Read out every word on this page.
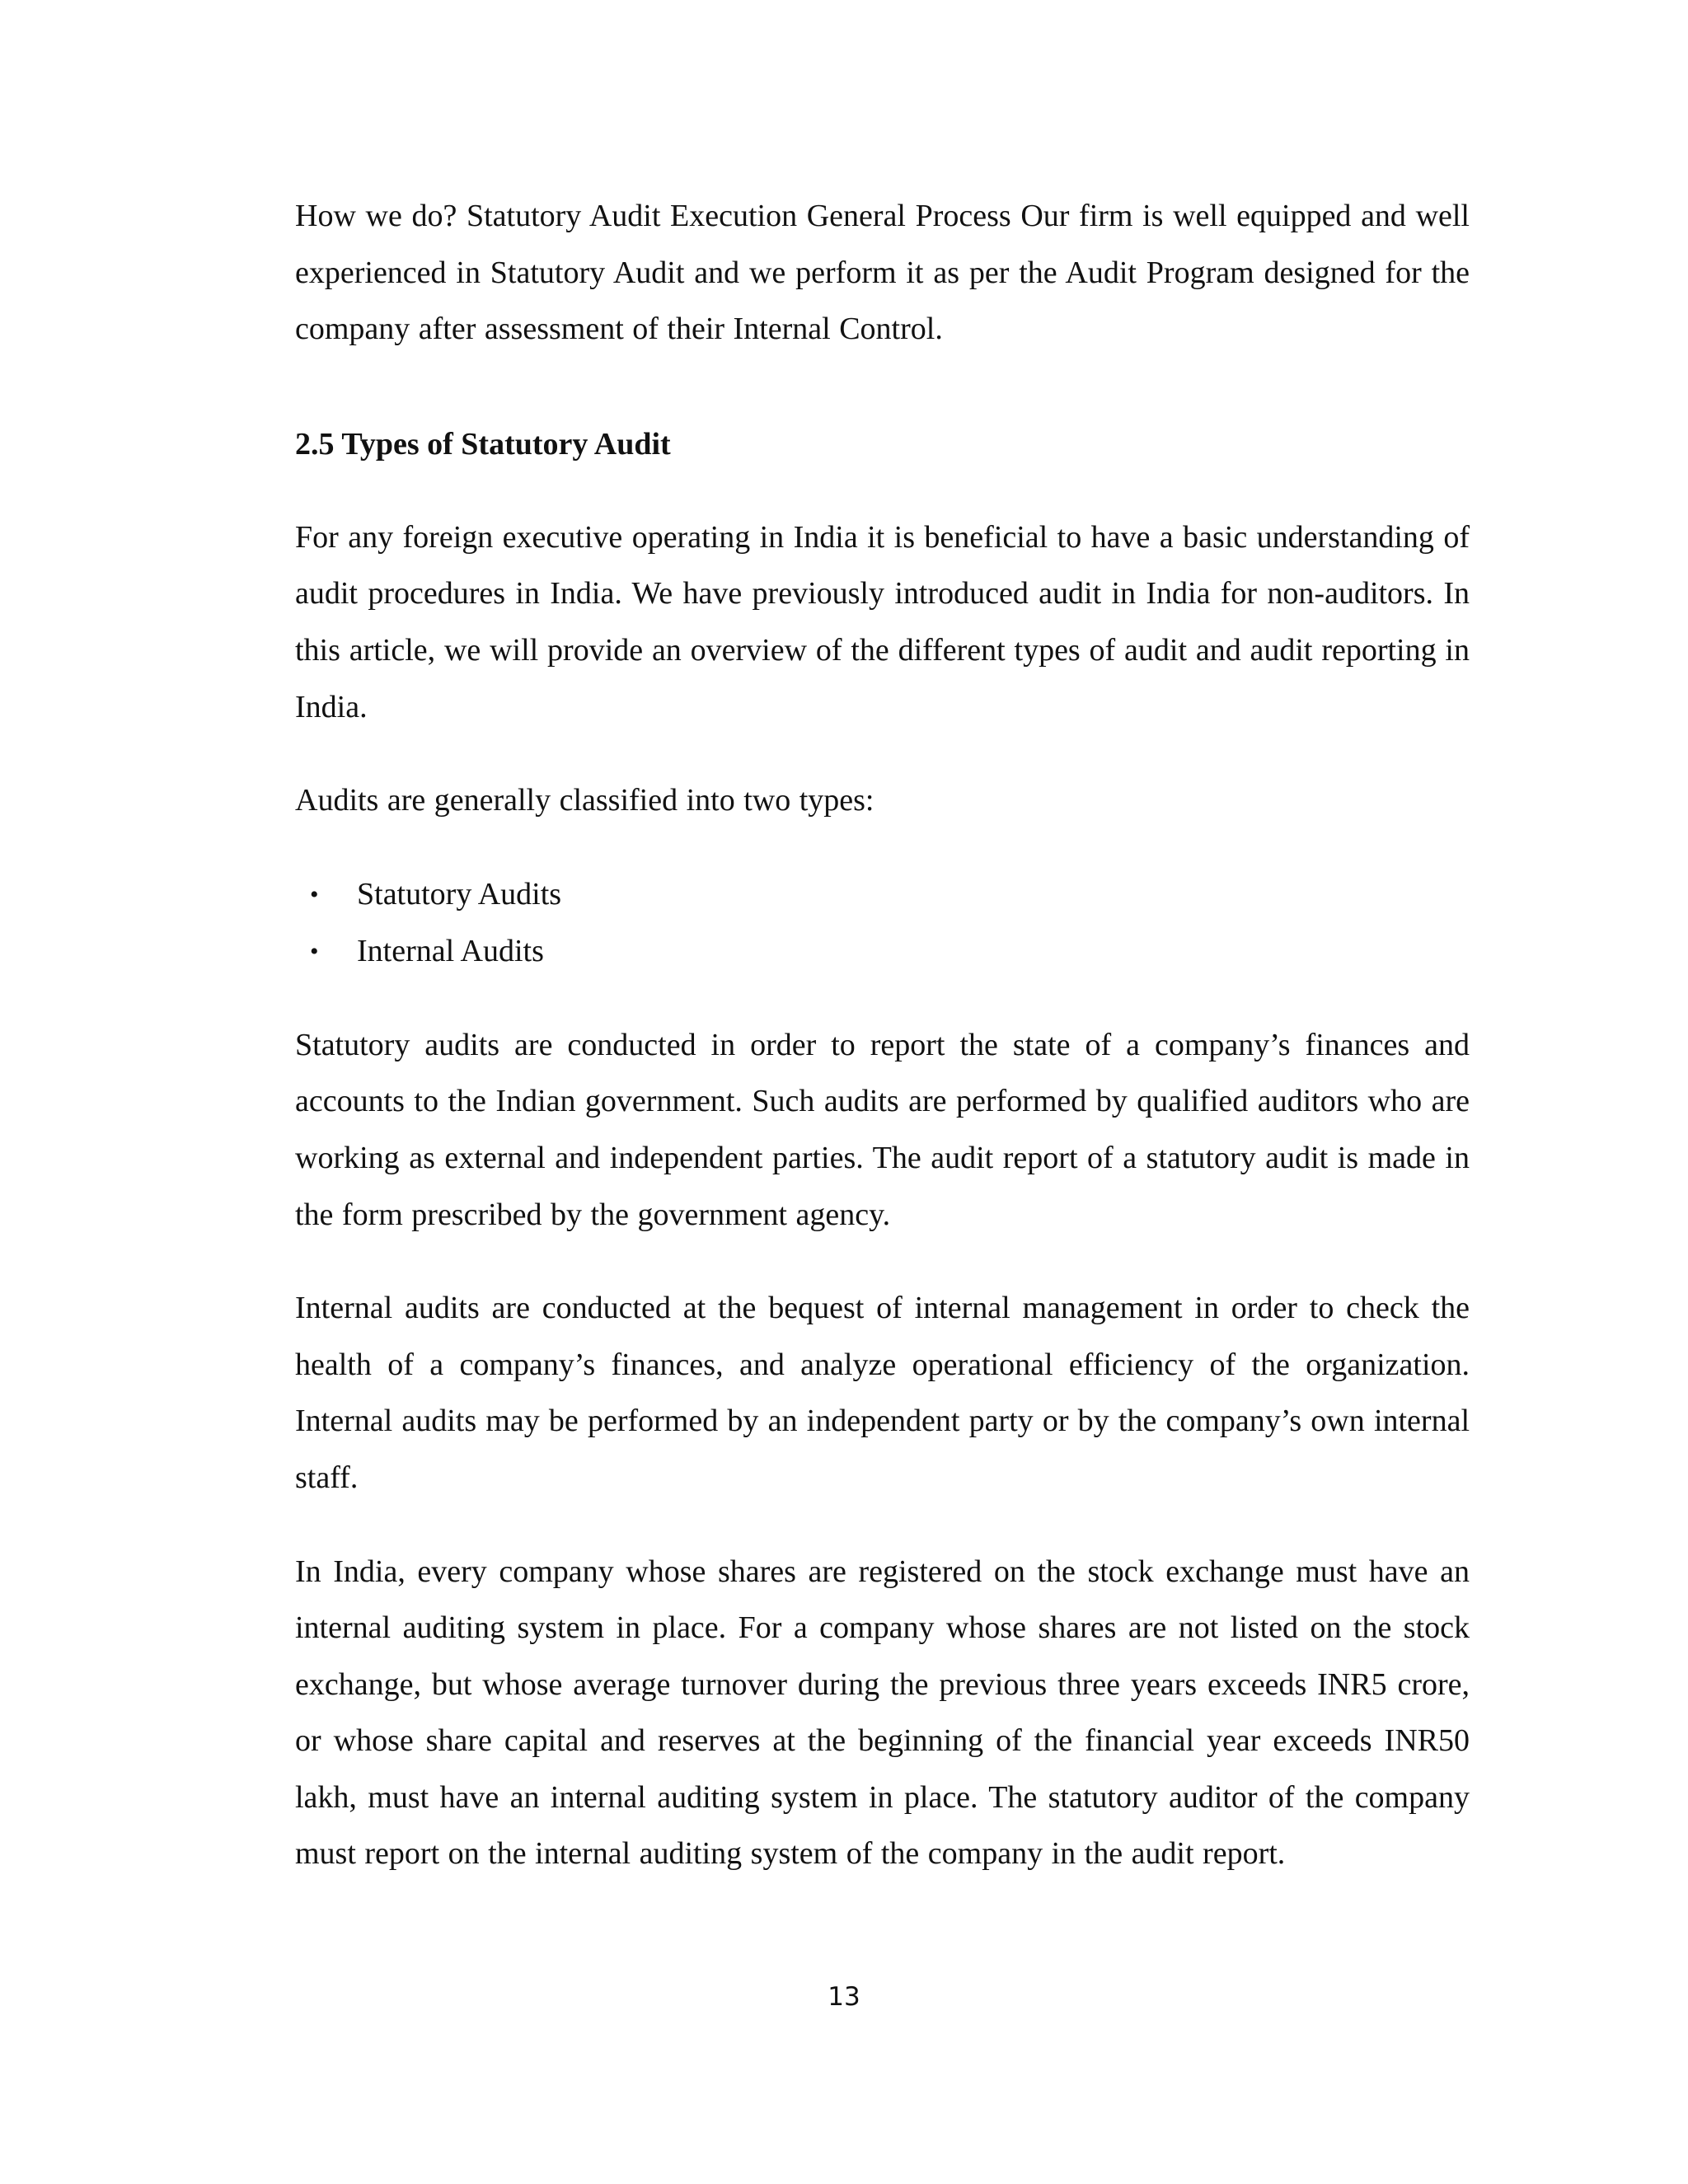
How we do? Statutory Audit Execution General Process Our firm is well equipped and well experienced in Statutory Audit and we perform it as per the Audit Program designed for the company after assessment of their Internal Control.

2.5 Types of Statutory Audit

For any foreign executive operating in India it is beneficial to have a basic understanding of audit procedures in India. We have previously introduced audit in India for non-auditors. In this article, we will provide an overview of the different types of audit and audit reporting in India.

Audits are generally classified into two types:

• Statutory Audits
• Internal Audits

Statutory audits are conducted in order to report the state of a company’s finances and accounts to the Indian government. Such audits are performed by qualified auditors who are working as external and independent parties. The audit report of a statutory audit is made in the form prescribed by the government agency.

Internal audits are conducted at the bequest of internal management in order to check the health of a company’s finances, and analyze operational efficiency of the organization. Internal audits may be performed by an independent party or by the company’s own internal staff.

In India, every company whose shares are registered on the stock exchange must have an internal auditing system in place. For a company whose shares are not listed on the stock exchange, but whose average turnover during the previous three years exceeds INR5 crore, or whose share capital and reserves at the beginning of the financial year exceeds INR50 lakh, must have an internal auditing system in place. The statutory auditor of the company must report on the internal auditing system of the company in the audit report.

13
